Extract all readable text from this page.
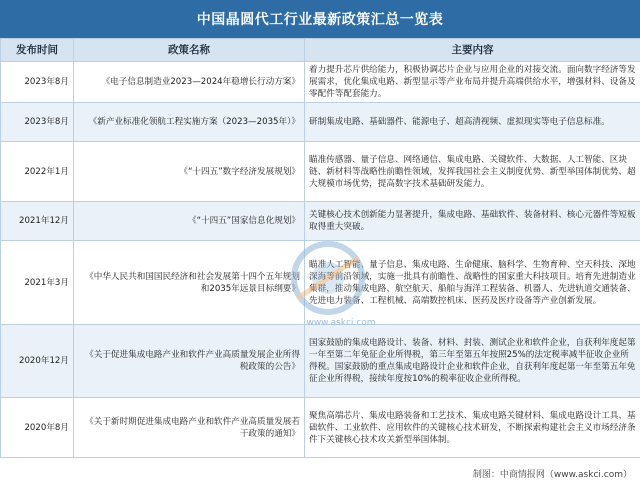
中国晶圆代工行业最新政策汇总一览表
发布时间	政策名称	主要内容
2023年8月	《电子信息制造业2023—2024年稳增长行动方案》	着力提升芯片供给能力，积极协调芯片企业与应用企业的对接交流。面向数字经济等发展需求，优化集成电路、新型显示等产业布局并提升高端供给水平，增强材料、设备及零配件等配套能力。
2023年8月	《新产业标准化领航工程实施方案（2023—2035年）》	研制集成电路、基础器件、能源电子、超高清视频、虚拟现实等电子信息标准。
2022年1月	《“十四五”数字经济发展规划》	瞄准传感器、量子信息、网络通信、集成电路、关键软件、大数据、人工智能、区块链、新材料等战略性前瞻性领域，发挥我国社会主义制度优势、新型举国体制优势、超大规模市场优势，提高数字技术基础研发能力。
2021年12月	《“十四五”国家信息化规划》	关键核心技术创新能力显著提升，集成电路、基础软件、装备材料、核心元器件等短板取得重大突破。
2021年3月	《中华人民共和国国民经济和社会发展第十四个五年规划和2035年远景目标纲要》	瞄准人工智能、量子信息、集成电路、生命健康、脑科学、生物育种、空天科技、深地深海等前沿领域，实施一批具有前瞻性、战略性的国家重大科技项目。培育先进制造业集群，推动集成电路、航空航天、船舶与海洋工程装备、机器人、先进轨道交通装备、先进电力装备、工程机械、高端数控机床、医药及医疗设备等产业创新发展。
2020年12月	《关于促进集成电路产业和软件产业高质量发展企业所得税政策的公告》	国家鼓励的集成电路设计、装备、材料、封装、测试企业和软件企业，自获利年度起第一年至第二年免征企业所得税，第三年至第五年按照25%的法定税率减半征收企业所得税。国家鼓励的重点集成电路设计企业和软件企业，自获利年度起第一年至第五年免征企业所得税，接续年度按10%的税率征收企业所得税。
2020年8月	《关于新时期促进集成电路产业和软件产业高质量发展若干政策的通知》	聚焦高端芯片、集成电路装备和工艺技术、集成电路关键材料、集成电路设计工具、基础软件、工业软件、应用软件的关键核心技术研发，不断探索构建社会主义市场经济条件下关键核心技术攻关新型举国体制。
www.askci.com
制图：中商情报网（www.askci.com）
